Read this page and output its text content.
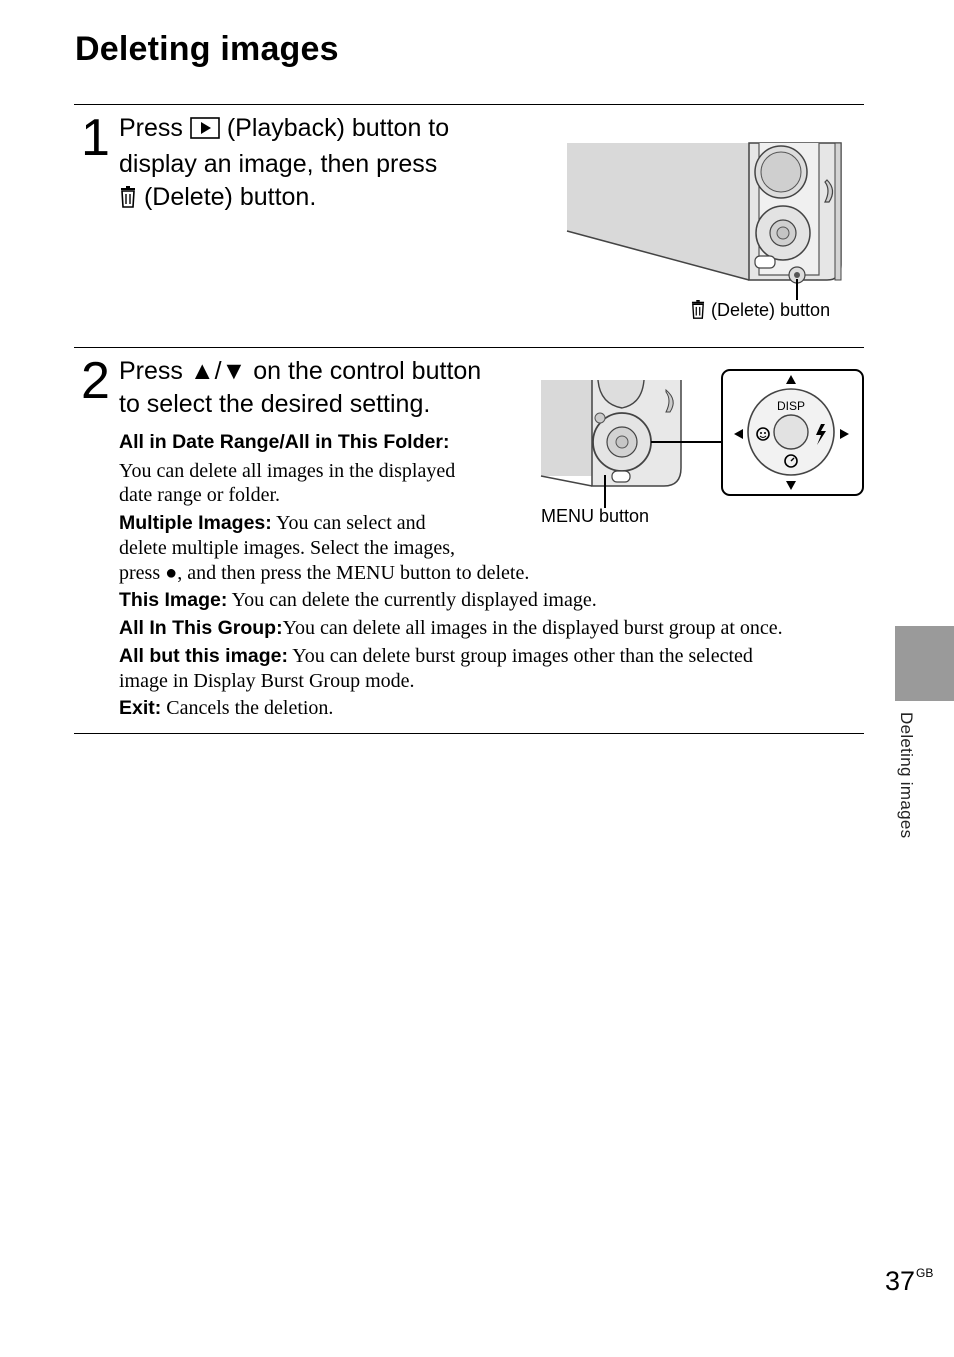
Deleting images
1 Press (Playback) button to
display an image, then press
(Delete) button.
(Delete) button
2 Press ▲/▼ on the control button
to select the desired setting.	DISP
MENU button
All in Date Range/All in This Folder:
You can delete all images in the displayed
date range or folder.
Multiple Images: You can select and
delete multiple images. Select the images,
press ●, and then press the MENU button to delete.
This Image: You can delete the currently displayed image.
All In This Group:You can delete all images in the displayed burst group at once.
All but this image: You can delete burst group images other than the selected
image in Display Burst Group mode.
Exit: Cancels the deletion.
Deleting images
$37^{GB}$
